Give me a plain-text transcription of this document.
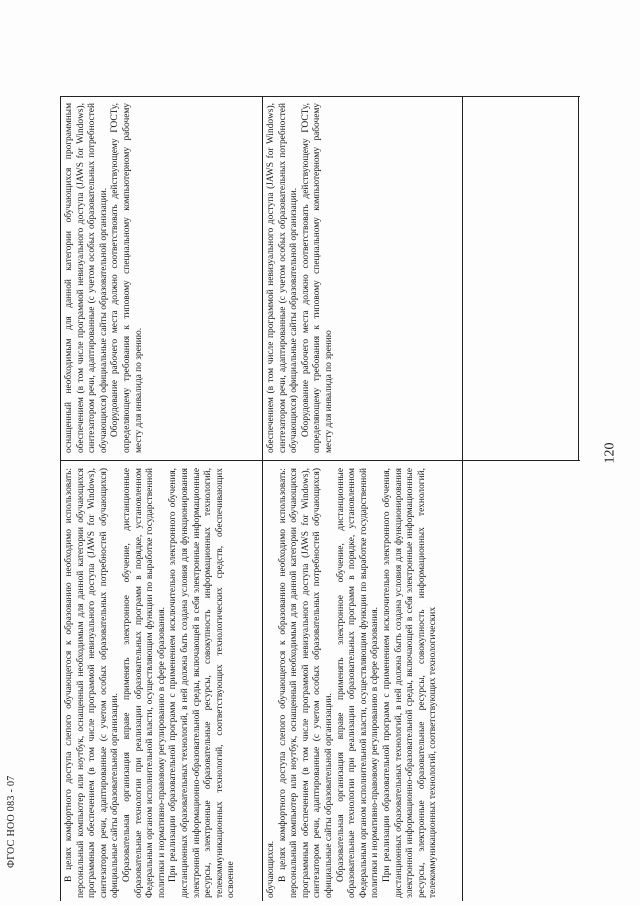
В целях комфортного доступа слепого обучающегося к образованию необходимо использовать: персональный компьютер или ноутбук, оснащенный необходимым для данной категории обучающихся программным обеспечением (в том числе программой невизуального доступа (JAWS for Windows), синтезатором речи, адаптированные (с учетом особых образовательных потребностей обучающихся) официальные сайты образовательной организации. Образовательная организация вправе применять электронное обучение, дистанционные образовательные технологии при реализации образовательных программ в порядке, установленном Федеральным органом исполнительной власти, осуществляющим функции по выработке государственной политики и нормативно-правовому регулированию в сфере образования. При реализации образовательной программ с применением исключительно электронного обучения, дистанционных образовательных технологий, в ней должна быть создана условия для функционирования электронной информационно-образовательной среды, включающей в себя электронные информационные ресурсы, электронные образовательные ресурсы, совокупность информационных технологий, телекоммуникационных технологий, соответствующих технологических средств, обеспечивающих освоение	обучающихся. В целях комфортного доступа слепого обучающегося к образованию необходимо использовать: персональный компьютер или ноутбук, оснащенный необходимым для данной категории обучающихся программным обеспечением (в том числе программой невизуального доступа (JAWS for Windows), синтезатором речи, адаптированные (с учетом особых образовательных потребностей обучающихся) официальные сайты образовательной организации. Образовательная организация вправе применять электронное обучение, дистанционные образовательные технологии при реализации образовательных программ в порядке, установленном Федеральным органом исполнительной власти, осуществляющим функции по выработке государственной политики и нормативно-правовому регулированию в сфере образования. При реализации образовательной программ с применением исключительно электронного обучения, дистанционных образовательных технологий, в ней должна быть создана условия для функционирования электронной информационно-образовательной среды, включающей в себя электронные информационные ресурсы, электронные образовательные ресурсы, совокупность информационных технологий, телекоммуникационных технологий, соответствующих технологических

оснащенный необходимым для данной категории обучающихся программным обеспечением (в том числе программой невизуального доступа (JAWS for Windows), синтезатором речи, адаптированные (с учетом особых образовательных потребностей обучающихся) официальные сайты образовательной организации. Оборудование рабочего места должно соответствовать действующему ГОСТу, определяющему требования к типовому специальному компьютерному рабочему месту для инвалида по зрению.	обеспечением (в том числе программой невизуального доступа (JAWS for Windows), синтезатором речи, адаптированные (с учетом особых образовательных потребностей обучающихся) официальные сайты образовательной организации. Оборудование рабочего места должно соответствовать действующему ГОСТу, определяющему требования к типовому специальному компьютерному рабочему месту для инвалида по зрению	120
ФГОС НОО 083 - 07
